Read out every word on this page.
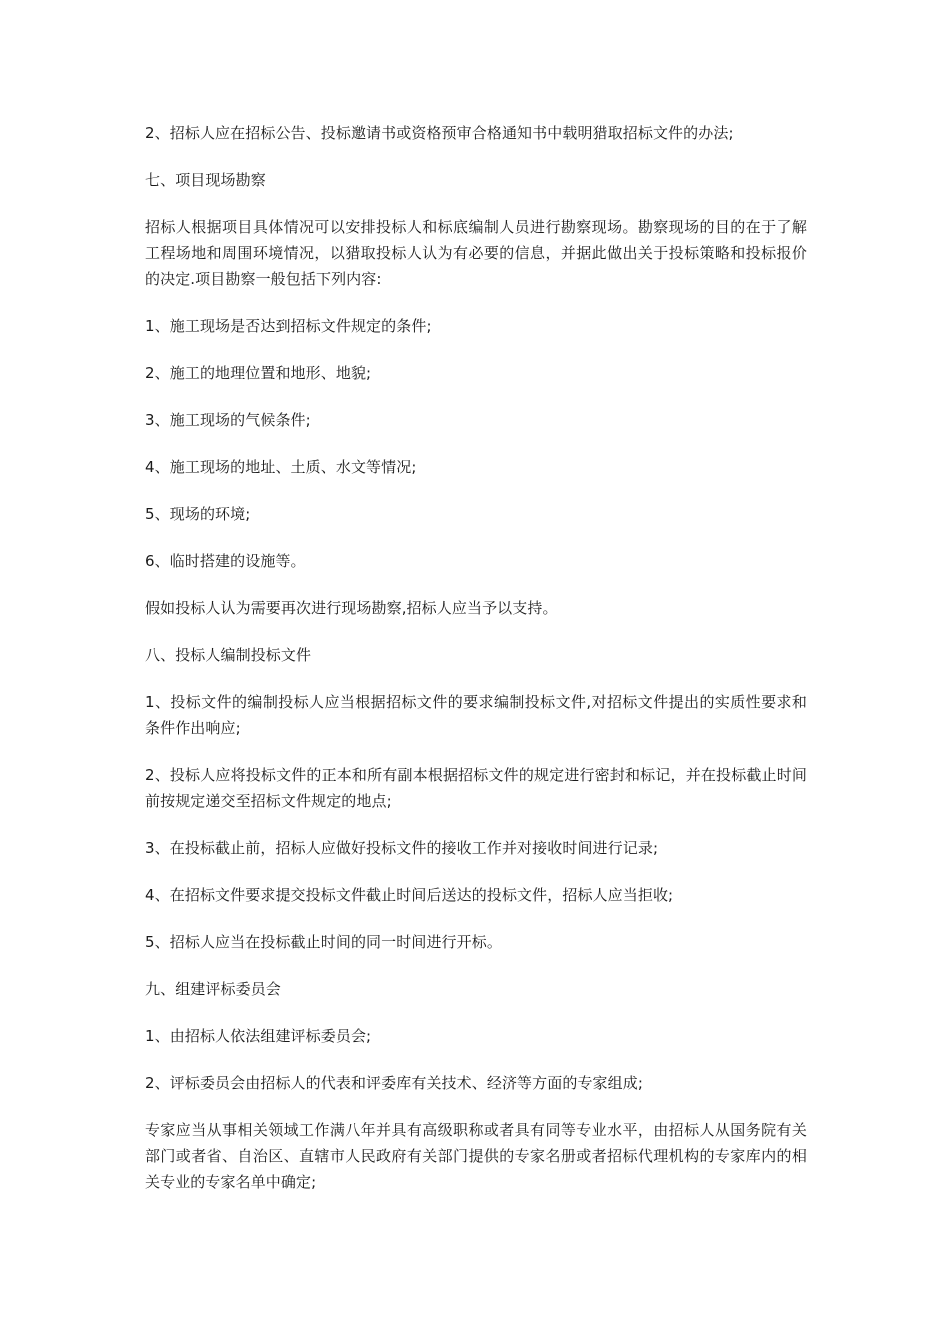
2、招标人应在招标公告、投标邀请书或资格预审合格通知书中载明猎取招标文件的办法;

七、项目现场勘察

招标人根据项目具体情况可以安排投标人和标底编制人员进行勘察现场。勘察现场的目的在于了解工程场地和周围环境情况，以猎取投标人认为有必要的信息，并据此做出关于投标策略和投标报价的决定.项目勘察一般包括下列内容:

1、施工现场是否达到招标文件规定的条件;

2、施工的地理位置和地形、地貌;

3、施工现场的气候条件;

4、施工现场的地址、土质、水文等情况;

5、现场的环境;

6、临时搭建的设施等。

假如投标人认为需要再次进行现场勘察,招标人应当予以支持。

八、投标人编制投标文件

1、投标文件的编制投标人应当根据招标文件的要求编制投标文件,对招标文件提出的实质性要求和条件作出响应;

2、投标人应将投标文件的正本和所有副本根据招标文件的规定进行密封和标记，并在投标截止时间前按规定递交至招标文件规定的地点;

3、在投标截止前，招标人应做好投标文件的接收工作并对接收时间进行记录;

4、在招标文件要求提交投标文件截止时间后送达的投标文件，招标人应当拒收;

5、招标人应当在投标截止时间的同一时间进行开标。

九、组建评标委员会

1、由招标人依法组建评标委员会;

2、评标委员会由招标人的代表和评委库有关技术、经济等方面的专家组成;

专家应当从事相关领域工作满八年并具有高级职称或者具有同等专业水平，由招标人从国务院有关部门或者省、自治区、直辖市人民政府有关部门提供的专家名册或者招标代理机构的专家库内的相关专业的专家名单中确定;
